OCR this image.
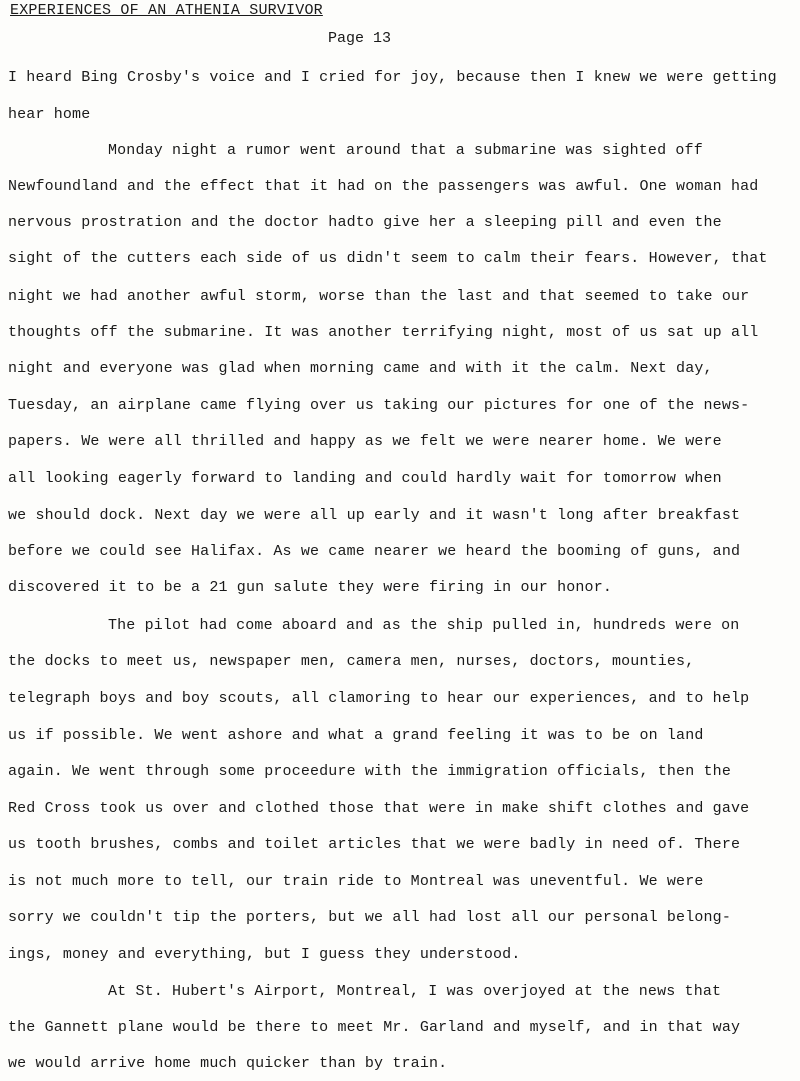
EXPERIENCES OF AN ATHENIA SURVIVOR
Page 13
I heard Bing Crosby's voice and I cried for joy, because then I knew we were getting
hear home
Monday night a rumor went around that a submarine was sighted off
Newfoundland and the effect that it had on the passengers was awful. One woman had
nervous prostration and the doctor hadto give her a sleeping pill and even the
sight of the cutters each side of us didn't seem to calm their fears. However, that
night we had another awful storm, worse than the last and that seemed to take our
thoughts off the submarine. It was another terrifying night, most of us sat up all
night and everyone was glad when morning came and with it the calm. Next day,
Tuesday, an airplane came flying over us taking our pictures for one of the news-
papers. We were all thrilled and happy as we felt we were nearer home. We were
all looking eagerly forward to landing and could hardly wait for tomorrow when
we should dock. Next day we were all up early and it wasn't long after breakfast
before we could see Halifax. As we came nearer we heard the booming of guns, and
discovered it to be a 21 gun salute they were firing in our honor.
The pilot had come aboard and as the ship pulled in, hundreds were on
the docks to meet us, newspaper men, camera men, nurses, doctors, mounties,
telegraph boys and boy scouts, all clamoring to hear our experiences, and to help
us if possible. We went ashore and what a grand feeling it was to be on land
again. We went through some proceedure with the immigration officials, then the
Red Cross took us over and clothed those that were in make shift clothes and gave
us tooth brushes, combs and toilet articles that we were badly in need of. There
is not much more to tell, our train ride to Montreal was uneventful. We were
sorry we couldn't tip the porters, but we all had lost all our personal belong-
ings, money and everything, but I guess they understood.
At St. Hubert's Airport, Montreal, I was overjoyed at the news that
the Gannett plane would be there to meet Mr. Garland and myself, and in that way
we would arrive home much quicker than by train.
